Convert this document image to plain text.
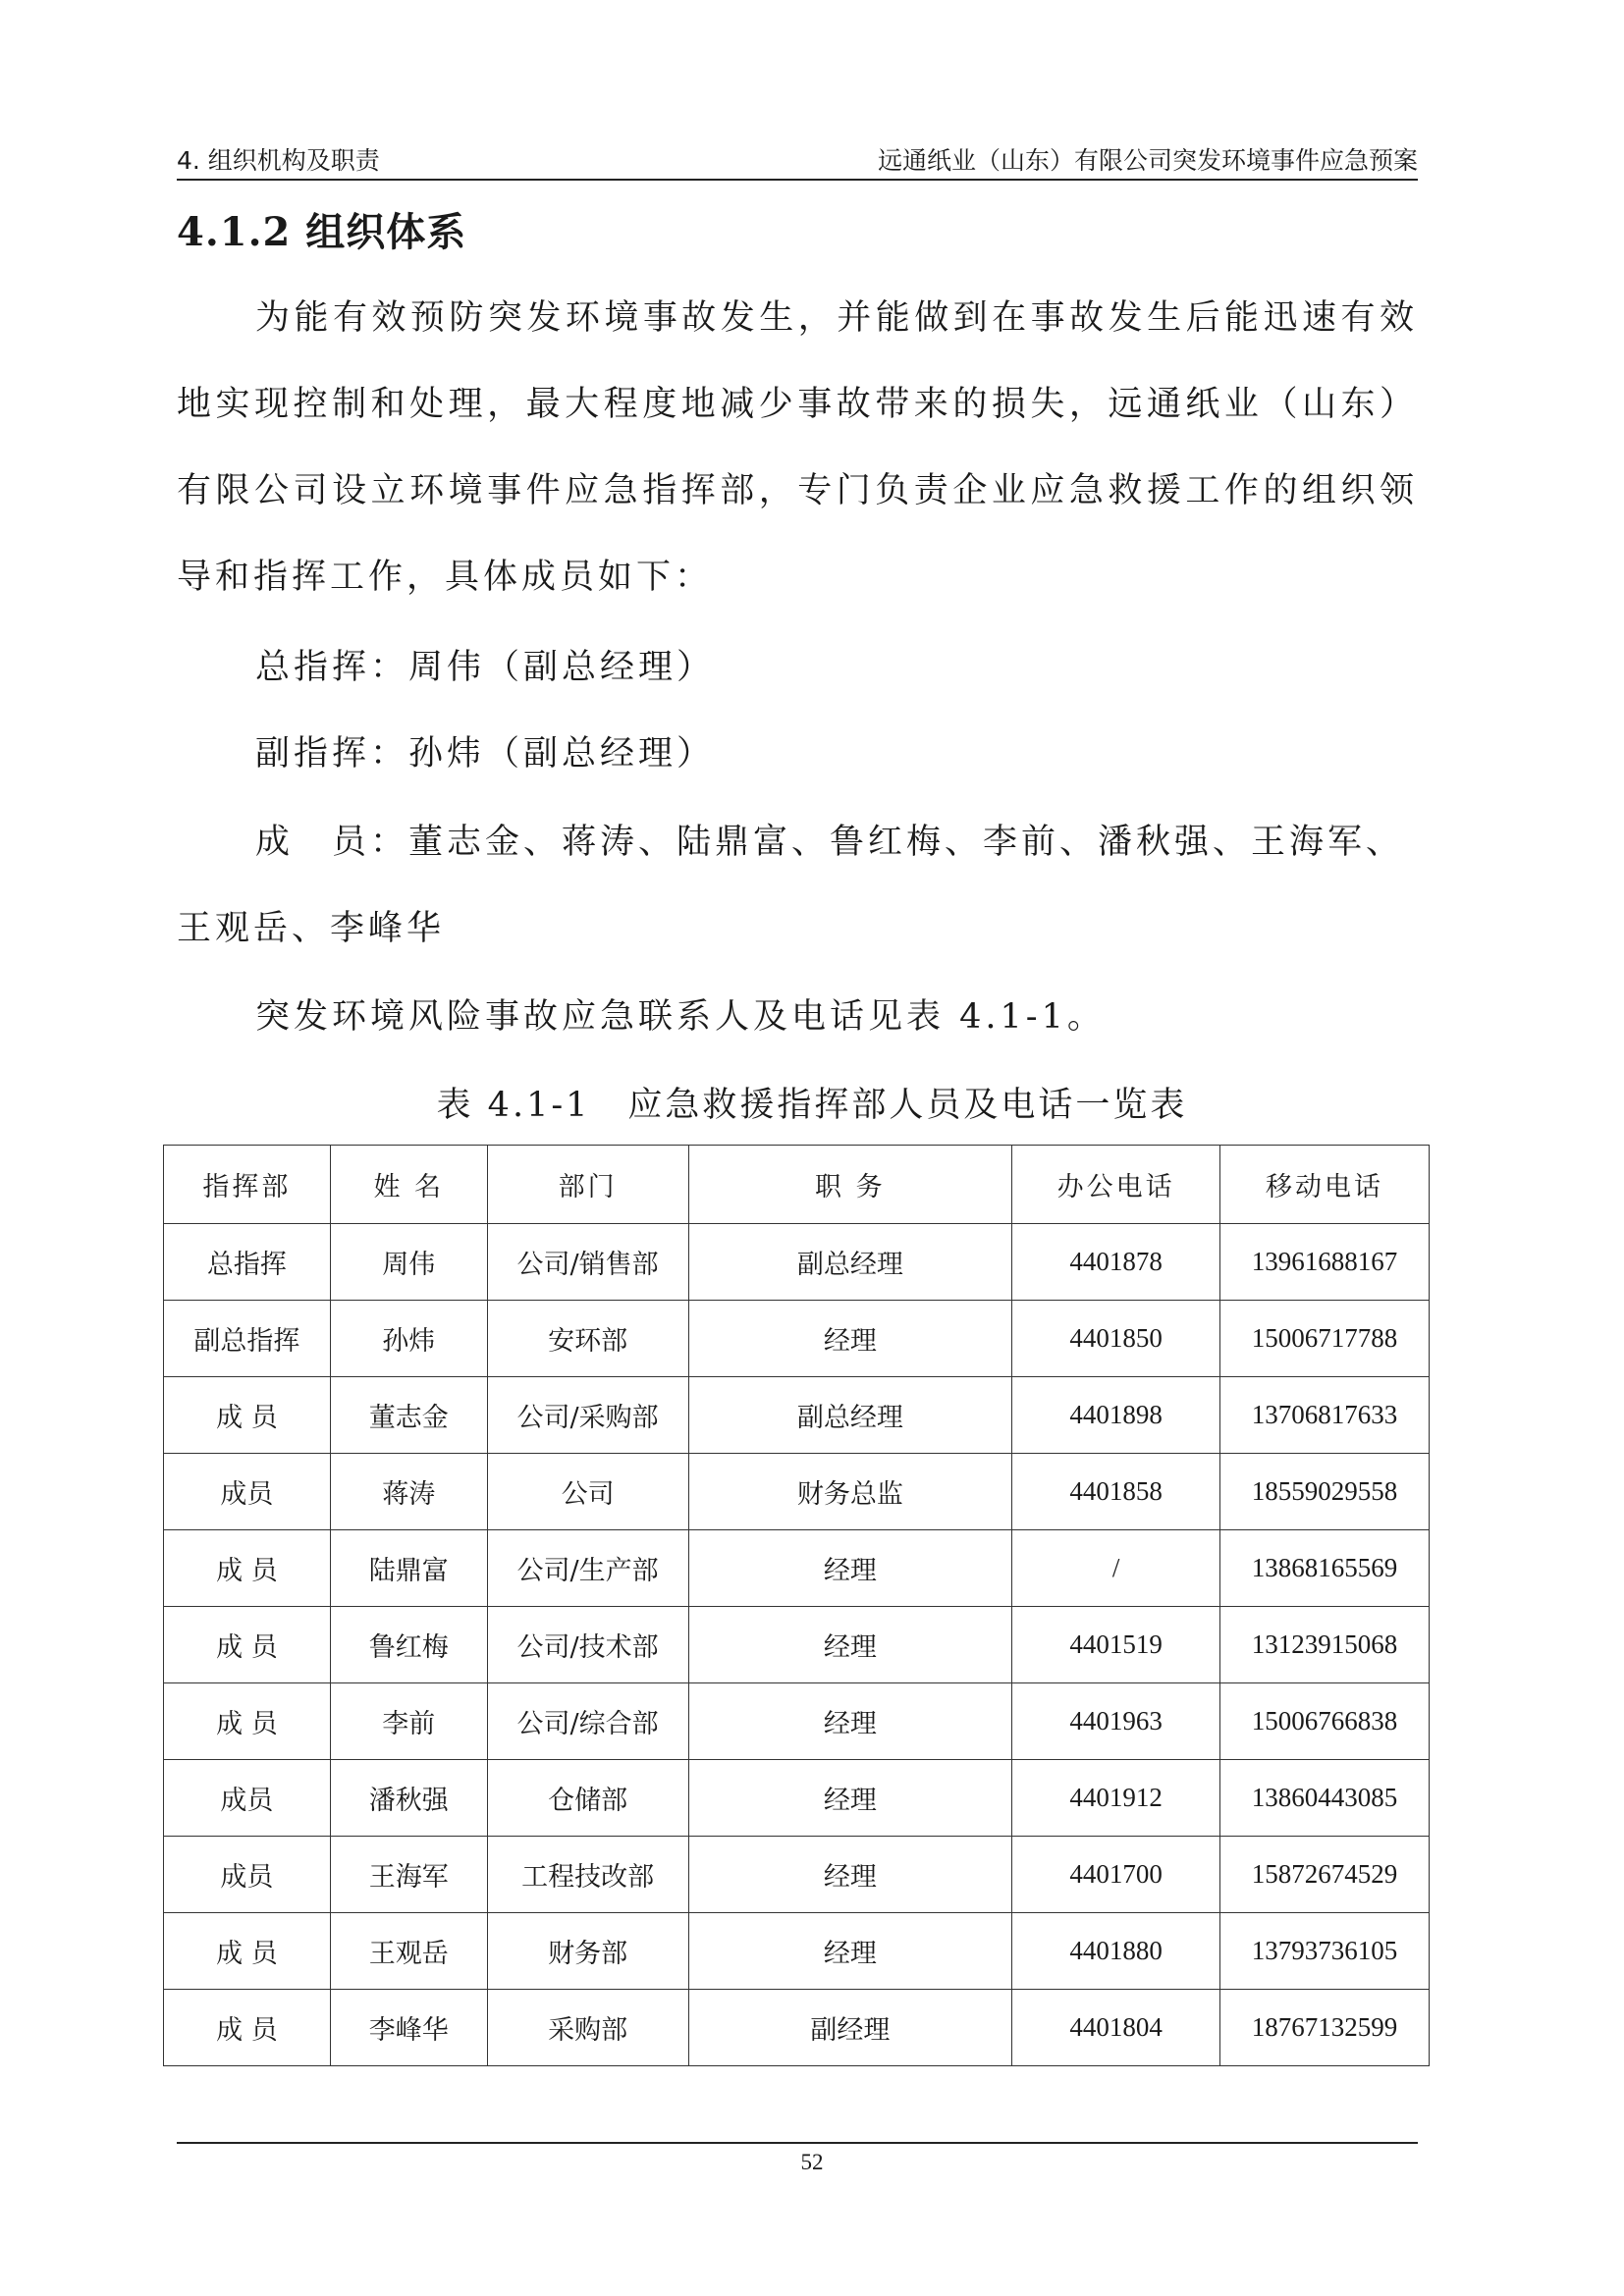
4. 组织机构及职责	远通纸业（山东）有限公司突发环境事件应急预案
4.1.2 组织体系

为能有效预防突发环境事故发生，并能做到在事故发生后能迅速有效地实现控制和处理，最大程度地减少事故带来的损失，远通纸业（山东）有限公司设立环境事件应急指挥部，专门负责企业应急救援工作的组织领导和指挥工作，具体成员如下：

总指挥：周伟（副总经理）

副指挥：孙炜（副总经理）

成　员：董志金、蒋涛、陆鼎富、鲁红梅、李前、潘秋强、王海军、

王观岳、李峰华

突发环境风险事故应急联系人及电话见表 4.1-1。

表 4.1-1　应急救援指挥部人员及电话一览表
指挥部	姓 名	部门	职 务	办公电话	移动电话
总指挥	周伟	公司/销售部	副总经理	4401878	13961688167
副总指挥	孙炜	安环部	经理	4401850	15006717788
成 员	董志金	公司/采购部	副总经理	4401898	13706817633
成员	蒋涛	公司	财务总监	4401858	18559029558
成 员	陆鼎富	公司/生产部	经理	/	13868165569
成 员	鲁红梅	公司/技术部	经理	4401519	13123915068
成 员	李前	公司/综合部	经理	4401963	15006766838
成员	潘秋强	仓储部	经理	4401912	13860443085
成员	王海军	工程技改部	经理	4401700	15872674529
成 员	王观岳	财务部	经理	4401880	13793736105
成 员	李峰华	采购部	副经理	4401804	18767132599
52
